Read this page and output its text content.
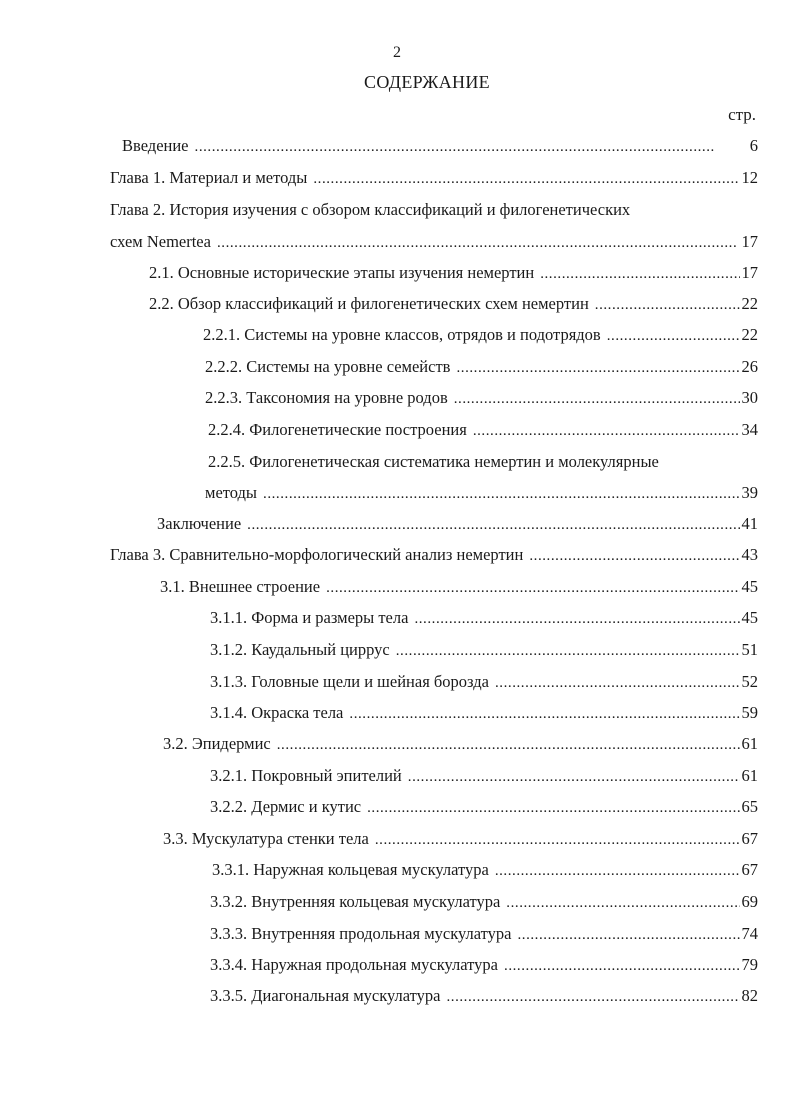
2
СОДЕРЖАНИЕ
стр.
Введение . . .	6
Глава 1. Материал и методы . . .	12
Глава 2. История изучения с обзором классификаций и филогенетических
схем Nemertea . . .	17
2.1. Основные исторические этапы изучения немертин . . .	17
2.2. Обзор классификаций и филогенетических схем немертин . . .	22
2.2.1. Системы на уровне классов, отрядов и подотрядов . . .	22
2.2.2. Системы на уровне семейств . . .	26
2.2.3. Таксономия на уровне родов . . .	30
2.2.4. Филогенетические построения . . .	34
2.2.5. Филогенетическая систематика немертин и молекулярные
методы . . .	39
Заключение . . .	41
Глава 3. Сравнительно-морфологический анализ немертин . . .	43
3.1. Внешнее строение . . .	45
3.1.1. Форма и размеры тела . . .	45
3.1.2. Каудальный циррус . . .	51
3.1.3. Головные щели и шейная борозда . . .	52
3.1.4. Окраска тела . . .	59
3.2. Эпидермис . . .	61
3.2.1. Покровный эпителий . . .	61
3.2.2. Дермис и кутис . . .	65
3.3. Мускулатура стенки тела . . .	67
3.3.1. Наружная кольцевая мускулатура . . .	67
3.3.2. Внутренняя кольцевая мускулатура . . .	69
3.3.3. Внутренняя продольная мускулатура . . .	74
3.3.4. Наружная продольная мускулатура . . .	79
3.3.5. Диагональная мускулатура . . .	82
